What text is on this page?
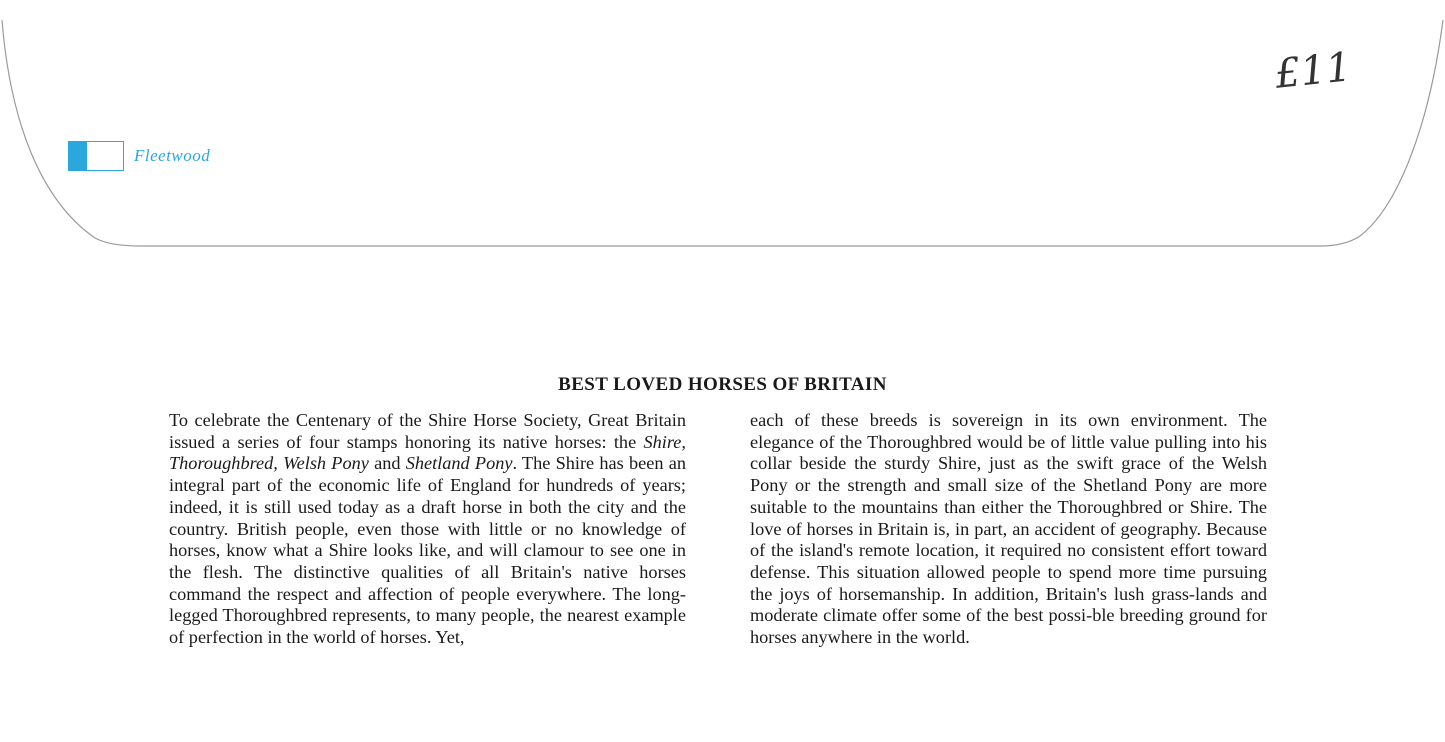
Fleetwood
£11
BEST LOVED HORSES OF BRITAIN
To celebrate the Centenary of the Shire Horse Society, Great Britain issued a series of four stamps honoring its native horses: the Shire, Thoroughbred, Welsh Pony and Shetland Pony. The Shire has been an integral part of the economic life of England for hundreds of years; indeed, it is still used today as a draft horse in both the city and the country. British people, even those with little or no knowledge of horses, know what a Shire looks like, and will clamour to see one in the flesh. The distinctive qualities of all Britain's native horses command the respect and affection of people everywhere. The long-legged Thoroughbred represents, to many people, the nearest example of perfection in the world of horses. Yet,
each of these breeds is sovereign in its own environment. The elegance of the Thoroughbred would be of little value pulling into his collar beside the sturdy Shire, just as the swift grace of the Welsh Pony or the strength and small size of the Shetland Pony are more suitable to the mountains than either the Thoroughbred or Shire. The love of horses in Britain is, in part, an accident of geography. Because of the island's remote location, it required no consistent effort toward defense. This situation allowed people to spend more time pursuing the joys of horsemanship. In addition, Britain's lush grass-lands and moderate climate offer some of the best possi-ble breeding ground for horses anywhere in the world.
